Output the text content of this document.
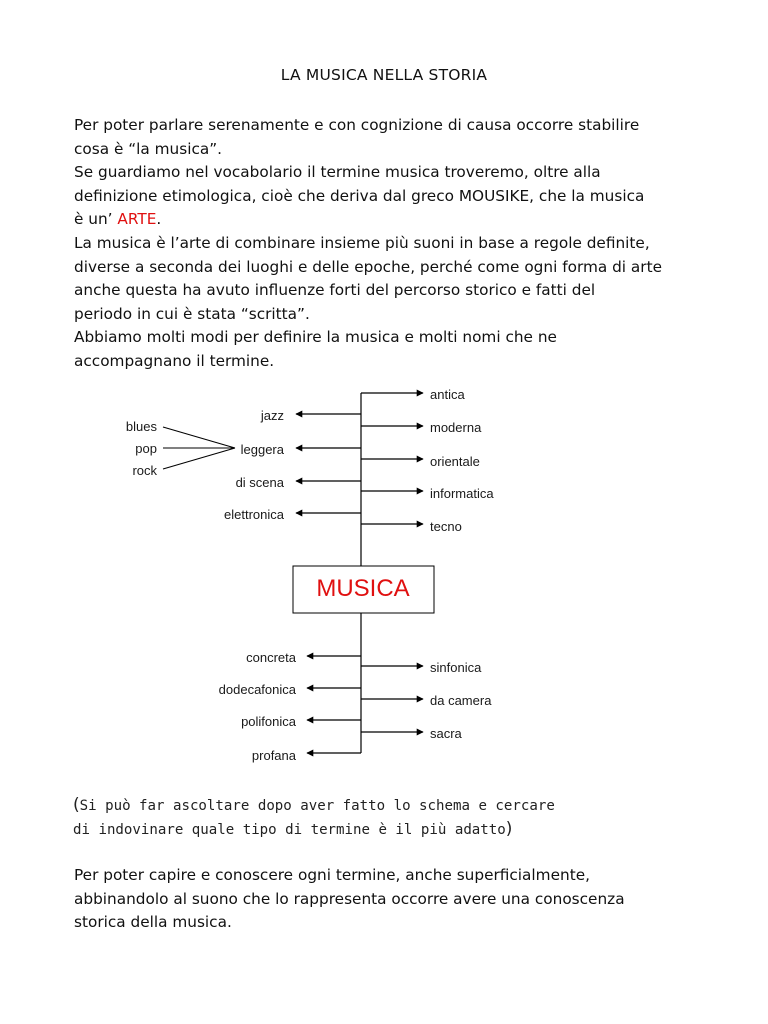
LA MUSICA NELLA STORIA
Per poter parlare serenamente e con cognizione di causa occorre stabilire
cosa è “la musica”.
Se guardiamo nel vocabolario il termine musica troveremo, oltre alla
definizione etimologica, cioè che deriva dal greco MOUSIKE, che la musica
è un’ ARTE.
La musica è l’arte di combinare insieme più suoni in base a regole definite,
diverse a seconda dei luoghi e delle epoche, perché come ogni forma di arte
anche questa ha avuto influenze forti del percorso storico e fatti del
periodo in cui è stata “scritta”.
Abbiamo molti modi per definire la musica e molti nomi che ne
accompagnano il termine.
MUSICA
antica
moderna
orientale
informatica
tecno
jazz
leggera
di scena
elettronica
blues
pop
rock
concreta
dodecafonica
polifonica
profana
sinfonica
da camera
sacra
(Si può far ascoltare dopo aver fatto lo schema e cercare
di indovinare quale tipo di termine è il più adatto)
Per poter capire e conoscere ogni termine, anche superficialmente,
abbinandolo al suono che lo rappresenta occorre avere una conoscenza
storica della musica.
